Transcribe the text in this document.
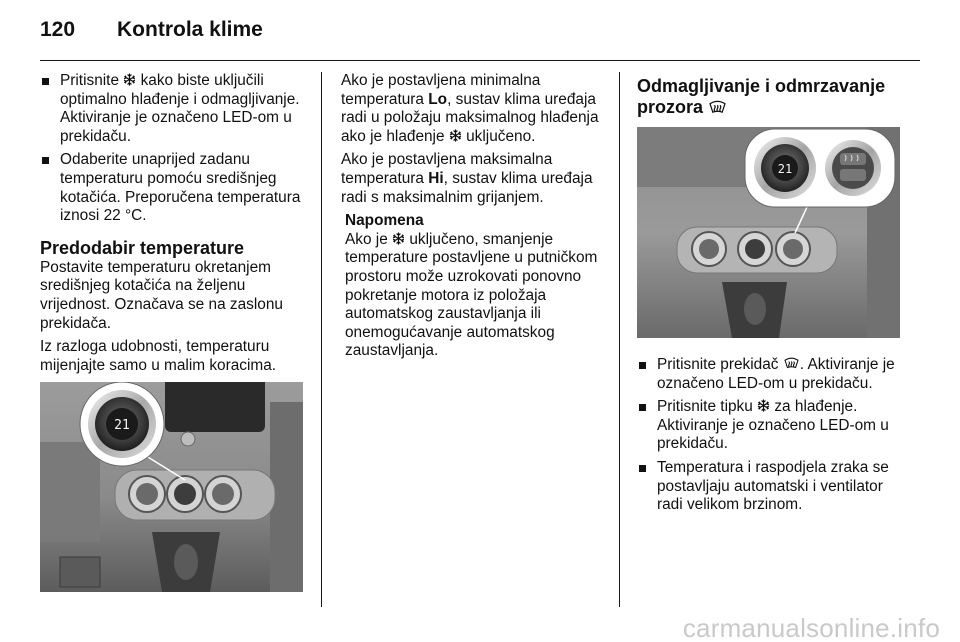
120 Kontrola klime
Pritisnite  kako biste uključili optimalno hlađenje i odmagljivanje. Aktiviranje je označeno LED-om u prekidaču.
Odaberite unaprijed zadanu temperaturu pomoću središnjeg kotačića. Preporučena temperatura iznosi 22 °C.
Predodabir temperature
Postavite temperaturu okretanjem središnjeg kotačića na željenu vrijednost. Označava se na zaslonu prekidača.
Iz razloga udobnosti, temperaturu mijenjajte samo u malim koracima.
21
Ako je postavljena minimalna temperatura Lo, sustav klima uređaja radi u položaju maksimalnog hlađenja ako je hlađenje  uključeno.
Ako je postavljena maksimalna temperatura Hi, sustav klima uređaja radi s maksimalnim grijanjem.
Napomena
Ako je  uključeno, smanjenje temperature postavljene u putničkom prostoru može uzrokovati ponovno pokretanje motora iz položaja automatskog zaustavljanja ili onemogućavanje automatskog zaustavljanja.
Odmagljivanje i odmrzavanje prozora
Pritisnite prekidač . Aktiviranje je označeno LED-om u prekidaču.
Pritisnite tipku  za hlađenje. Aktiviranje je označeno LED-om u prekidaču.
Temperatura i raspodjela zraka se postavljaju automatski i ventilator radi velikom brzinom.
21
carmanualsonline.info
